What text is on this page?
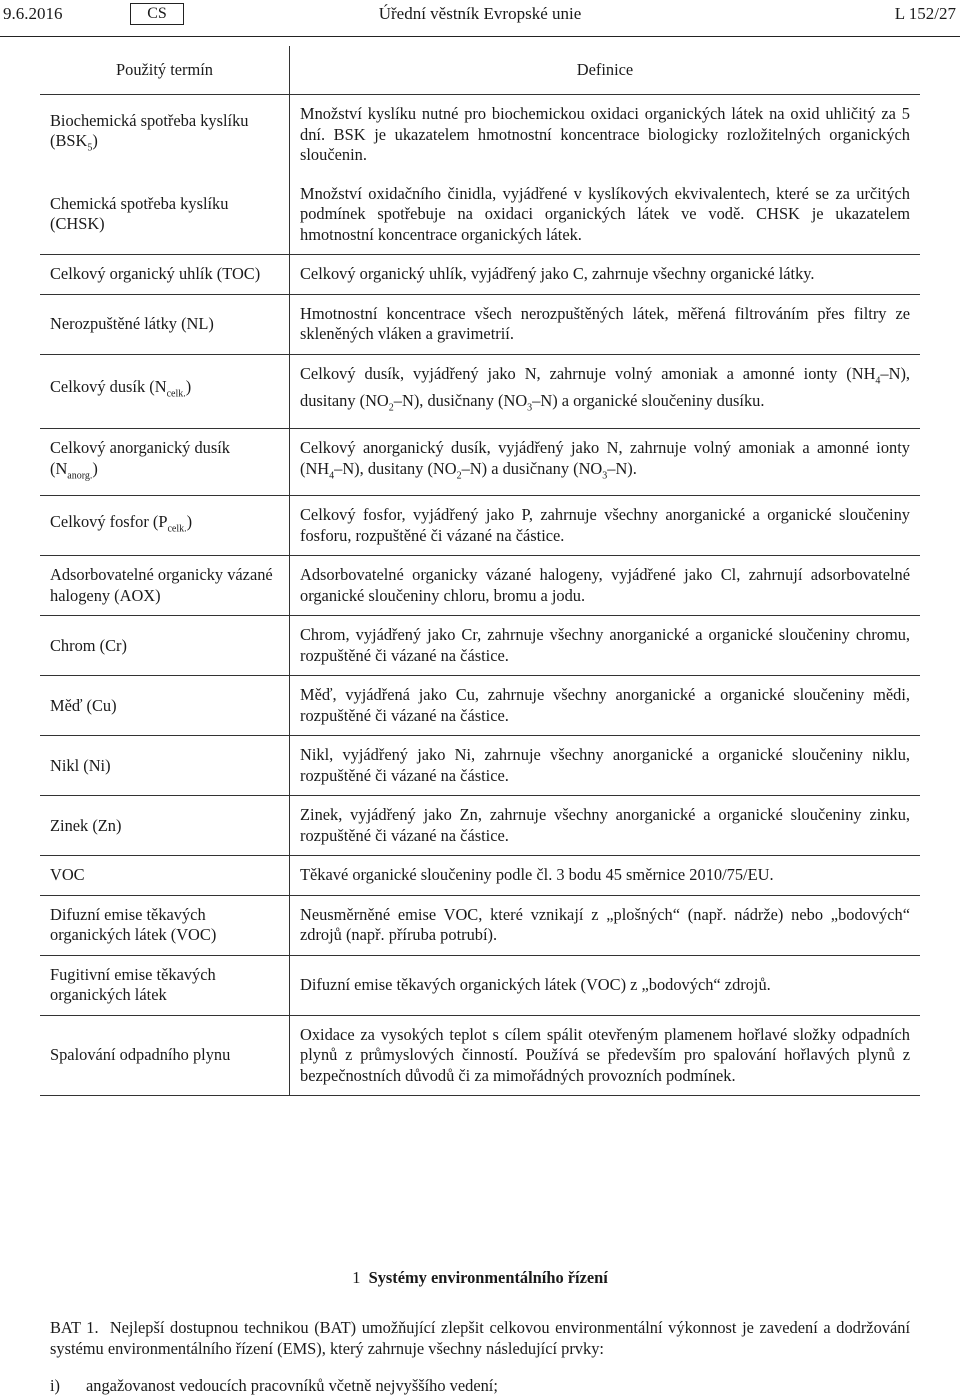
9.6.2016	CS	Úřední věstník Evropské unie	L 152/27
Použitý termín	Definice
Biochemická spotřeba kyslíku $(BSK_5)$	Množství kyslíku nutné pro biochemickou oxidaci organických látek na oxid uhličitý za 5 dní. BSK je ukazatelem hmotnostní koncentrace biologicky rozložitelných organických sloučenin.
Chemická spotřeba kyslíku (CHSK)	Množství oxidačního činidla, vyjádřené v kyslíkových ekvivalentech, které se za určitých podmínek spotřebuje na oxidaci organických látek ve vodě. CHSK je ukazatelem hmotnostní koncentrace organických látek.
Celkový organický uhlík (TOC)	Celkový organický uhlík, vyjádřený jako C, zahrnuje všechny organické látky.
Nerozpuštěné látky (NL)	Hmotnostní koncentrace všech nerozpuštěných látek, měřená filtrováním přes filtry ze skleněných vláken a gravimetrií.
Celkový dusík $(N_{celk.})$	Celkový dusík, vyjádřený jako N, zahrnuje volný amoniak a amonné ionty $(NH_4-N)$, dusitany $(NO_2-N)$, dusičnany $(NO_3-N)$ a organické sloučeniny dusíku.
Celkový anorganický dusík $(N_{anorg.})$	Celkový anorganický dusík, vyjádřený jako N, zahrnuje volný amoniak a amonné ionty $(NH_4-N)$, dusitany $(NO_2-N)$ a dusičnany $(NO_3-N)$.
Celkový fosfor $(P_{celk.})$	Celkový fosfor, vyjádřený jako P, zahrnuje všechny anorganické a organické sloučeniny fosforu, rozpuštěné či vázané na částice.
Adsorbovatelné organicky vázané halogeny (AOX)	Adsorbovatelné organicky vázané halogeny, vyjádřené jako Cl, zahrnují adsorbovatelné organické sloučeniny chloru, bromu a jodu.
Chrom (Cr)	Chrom, vyjádřený jako Cr, zahrnuje všechny anorganické a organické sloučeniny chromu, rozpuštěné či vázané na částice.
Měď (Cu)	Měď, vyjádřená jako Cu, zahrnuje všechny anorganické a organické sloučeniny mědi, rozpuštěné či vázané na částice.
Nikl (Ni)	Nikl, vyjádřený jako Ni, zahrnuje všechny anorganické a organické sloučeniny niklu, rozpuštěné či vázané na částice.
Zinek (Zn)	Zinek, vyjádřený jako Zn, zahrnuje všechny anorganické a organické sloučeniny zinku, rozpuštěné či vázané na částice.
VOC	Těkavé organické sloučeniny podle čl. 3 bodu 45 směrnice 2010/75/EU.
Difuzní emise těkavých organických látek (VOC)	Neusměrněné emise VOC, které vznikají z „plošných“ (např. nádrže) nebo „bodových“ zdrojů (např. příruba potrubí).
Fugitivní emise těkavých organických látek	Difuzní emise těkavých organických látek (VOC) z „bodových“ zdrojů.
Spalování odpadního plynu	Oxidace za vysokých teplot s cílem spálit otevřeným plamenem hořlavé složky odpadních plynů z průmyslových činností. Používá se především pro spalování hořlavých plynů z bezpečnostních důvodů či za mimořádných provozních podmínek.
1 Systémy environmentálního řízení
BAT 1. Nejlepší dostupnou technikou (BAT) umožňující zlepšit celkovou environmentální výkonnost je zavedení a dodržování systému environmentálního řízení (EMS), který zahrnuje všechny následující prvky:
i) angažovanost vedoucích pracovníků včetně nejvyššího vedení;
